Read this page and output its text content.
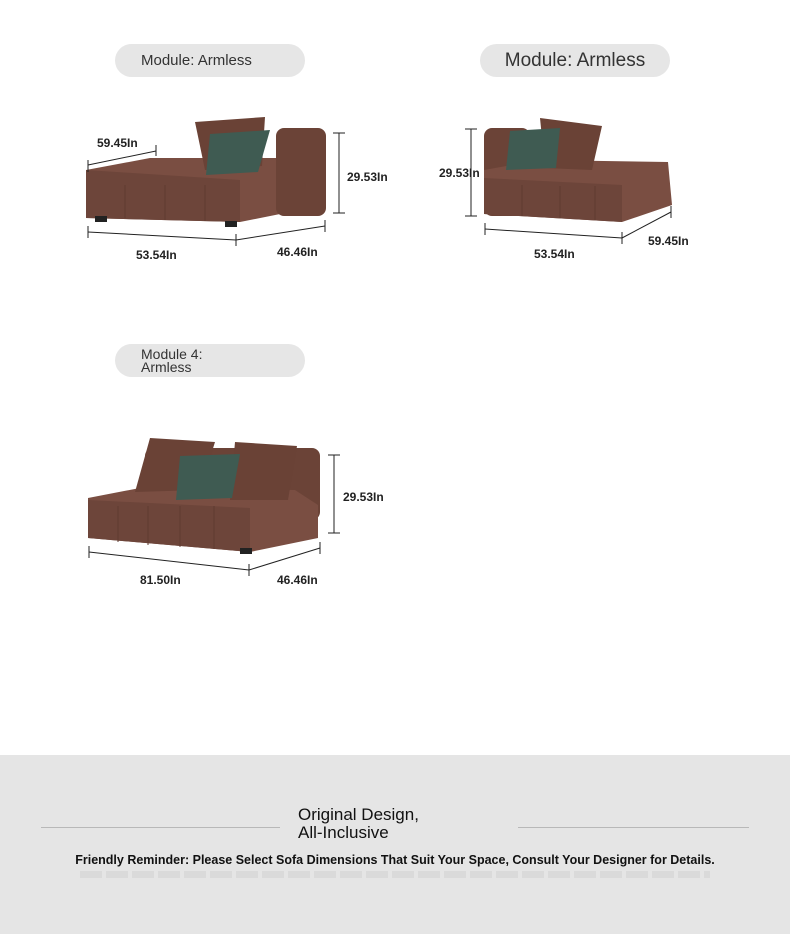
Module: Armless
59.45In
53.54In	46.46In
29.53In
Module: Armless
29.53In
53.54In
59.45In
Module 4:
Armless
29.53In
81.50In	46.46In
Original Design,
All-Inclusive
Friendly Reminder: Please Select Sofa Dimensions That Suit Your Space, Consult Your Designer for Details.
